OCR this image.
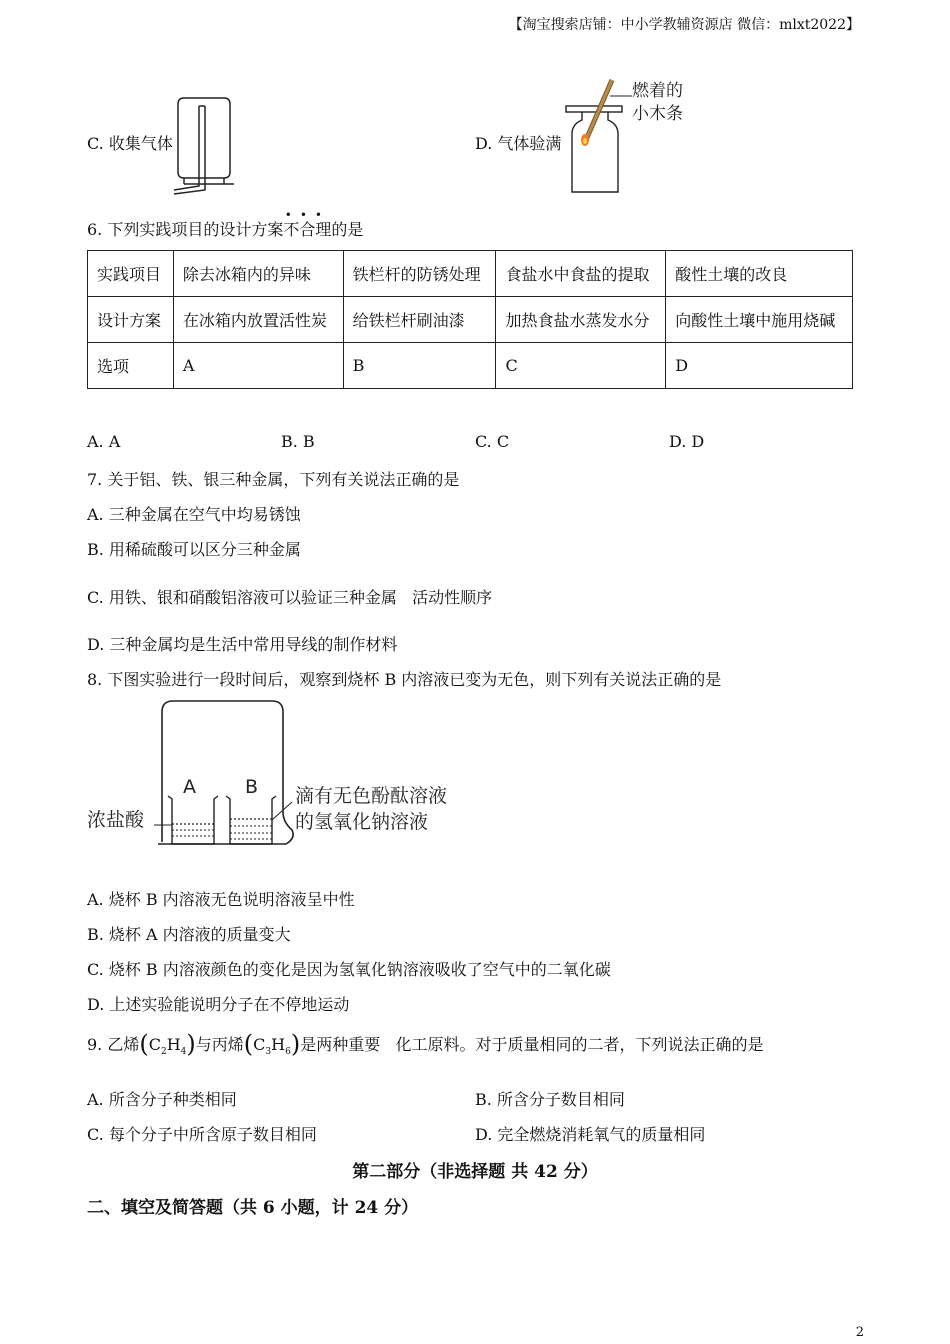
【淘宝搜索店铺：中小学教辅资源店 微信：mlxt2022】
C. 收集气体	D. 气体验满
燃着的
小木条
6. 下列实践项目的设计方案
•••
不合理的是
实践项目	除去冰箱内的异味	铁栏杆的防锈处理	食盐水中食盐的提取	酸性土壤的改良
设计方案	在冰箱内放置活性炭	给铁栏杆刷油漆	加热食盐水蒸发水分	向酸性土壤中施用烧碱
选项	A	B	C	D
A. A	B. B	C. C	D. D
7. 关于铝、铁、银三种金属，下列有关说法正确的是
A. 三种金属在空气中均易锈蚀
B. 用稀硫酸可以区分三种金属
C. 用铁、银和硝酸铝溶液可以验证三种金属   活动性顺序
D. 三种金属均是生活中常用导线的制作材料
8. 下图实验进行一段时间后，观察到烧杯 B 内溶液已变为无色，则下列有关说法正确的是
A	B
浓盐酸
滴有无色酚酞溶液
的氢氧化钠溶液
A. 烧杯 B 内溶液无色说明溶液呈中性
B. 烧杯 A 内溶液的质量变大
C. 烧杯 B 内溶液颜色的变化是因为氢氧化钠溶液吸收了空气中的二氧化碳
D. 上述实验能说明分子在不停地运动
9. 乙烯$(C_2H_4)$与丙烯$(C_3H_6)$是两种重要   化工原料。对于质量相同的二者，下列说法正确的是
A. 所含分子种类相同	B. 所含分子数目相同
C. 每个分子中所含原子数目相同	D. 完全燃烧消耗氧气的质量相同
第二部分（非选择题 共 42 分）
二、填空及简答题（共 6 小题，计 24 分）
2
